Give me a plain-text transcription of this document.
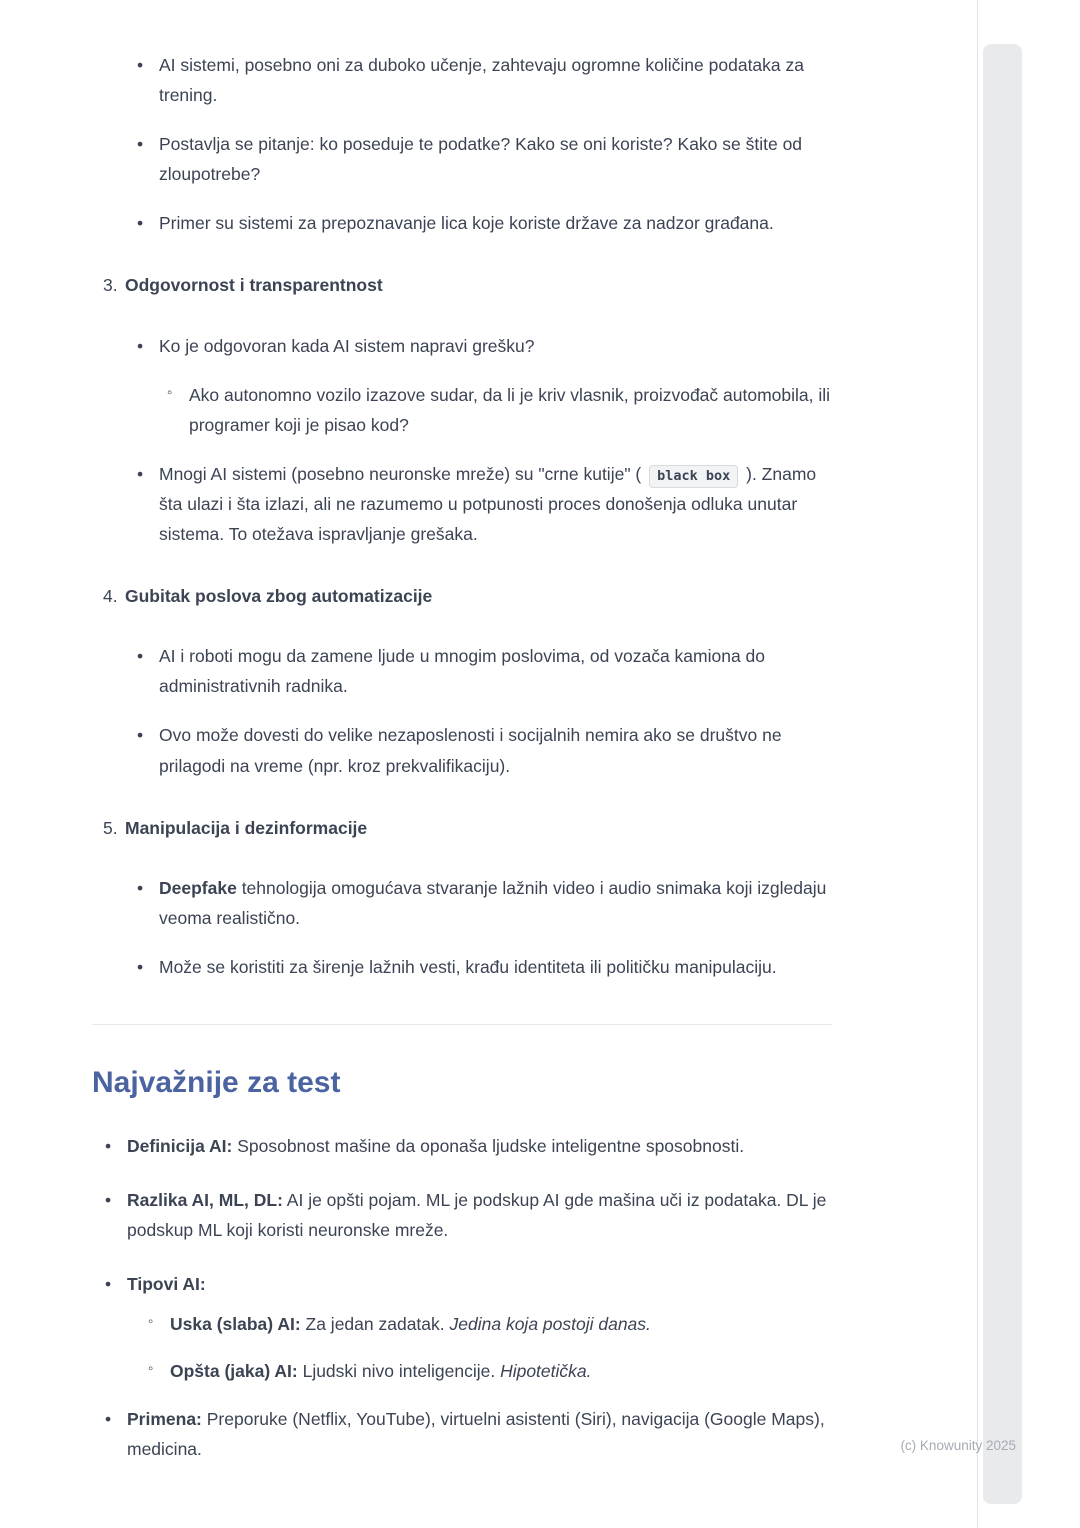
• AI sistemi, posebno oni za duboko učenje, zahtevaju ogromne količine podataka za trening.
• Postavlja se pitanje: ko poseduje te podatke? Kako se oni koriste? Kako se štite od zloupotrebe?
• Primer su sistemi za prepoznavanje lica koje koriste države za nadzor građana.
3. Odgovornost i transparentnost
• Ko je odgovoran kada AI sistem napravi grešku?
◦ Ako autonomno vozilo izazove sudar, da li je kriv vlasnik, proizvođač automobila, ili programer koji je pisao kod?
• Mnogi AI sistemi (posebno neuronske mreže) su "crne kutije" ( black box ). Znamo šta ulazi i šta izlazi, ali ne razumemo u potpunosti proces donošenja odluka unutar sistema. To otežava ispravljanje grešaka.
4. Gubitak poslova zbog automatizacije
• AI i roboti mogu da zamene ljude u mnogim poslovima, od vozača kamiona do administrativnih radnika.
• Ovo može dovesti do velike nezaposlenosti i socijalnih nemira ako se društvo ne prilagodi na vreme (npr. kroz prekvalifikaciju).
5. Manipulacija i dezinformacije
• Deepfake tehnologija omogućava stvaranje lažnih video i audio snimaka koji izgledaju veoma realistično.
• Može se koristiti za širenje lažnih vesti, krađu identiteta ili političku manipulaciju.
Najvažnije za test
• Definicija AI: Sposobnost mašine da oponaša ljudske inteligentne sposobnosti.
• Razlika AI, ML, DL: AI je opšti pojam. ML je podskup AI gde mašina uči iz podataka. DL je podskup ML koji koristi neuronske mreže.
• Tipovi AI:
◦ Uska (slaba) AI: Za jedan zadatak. Jedina koja postoji danas.
◦ Opšta (jaka) AI: Ljudski nivo inteligencije. Hipotetička.
• Primena: Preporuke (Netflix, YouTube), virtuelni asistenti (Siri), navigacija (Google Maps), medicina.	(c) Knowunity 2025
